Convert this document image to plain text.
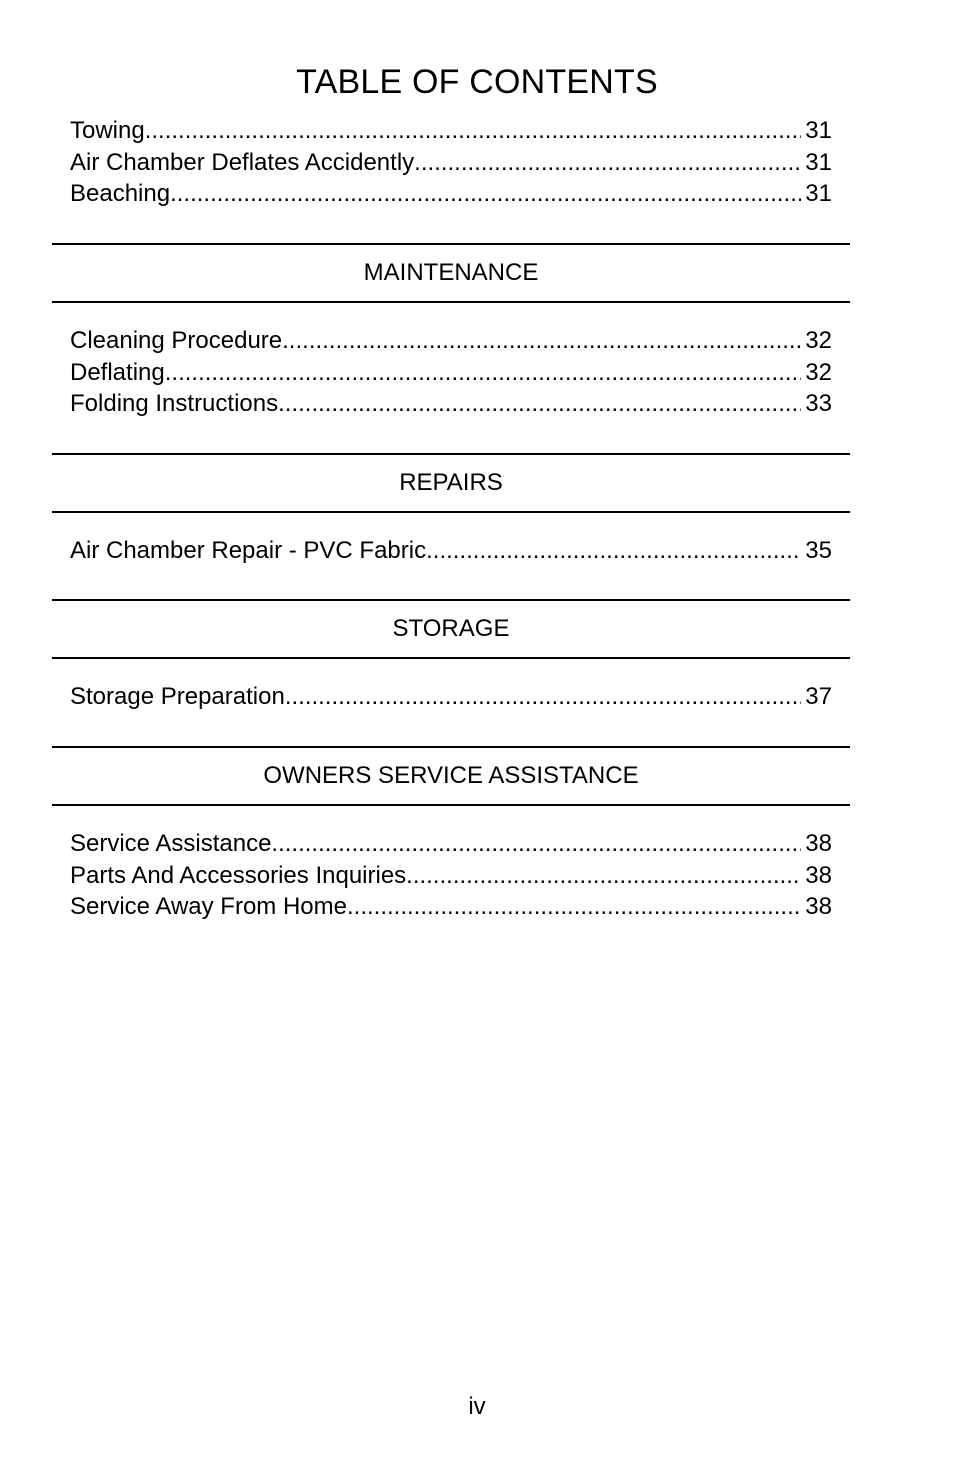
TABLE OF CONTENTS
Towing .....	31
Air Chamber Deflates Accidently .....	31
Beaching .....	31
MAINTENANCE
Cleaning Procedure .....	32
Deflating .....	32
Folding Instructions .....	33
REPAIRS
Air Chamber Repair - PVC Fabric .....	35
STORAGE
Storage Preparation .....	37
OWNERS SERVICE ASSISTANCE
Service Assistance .....	38
Parts And Accessories Inquiries .....	38
Service Away From Home .....	38
iv
